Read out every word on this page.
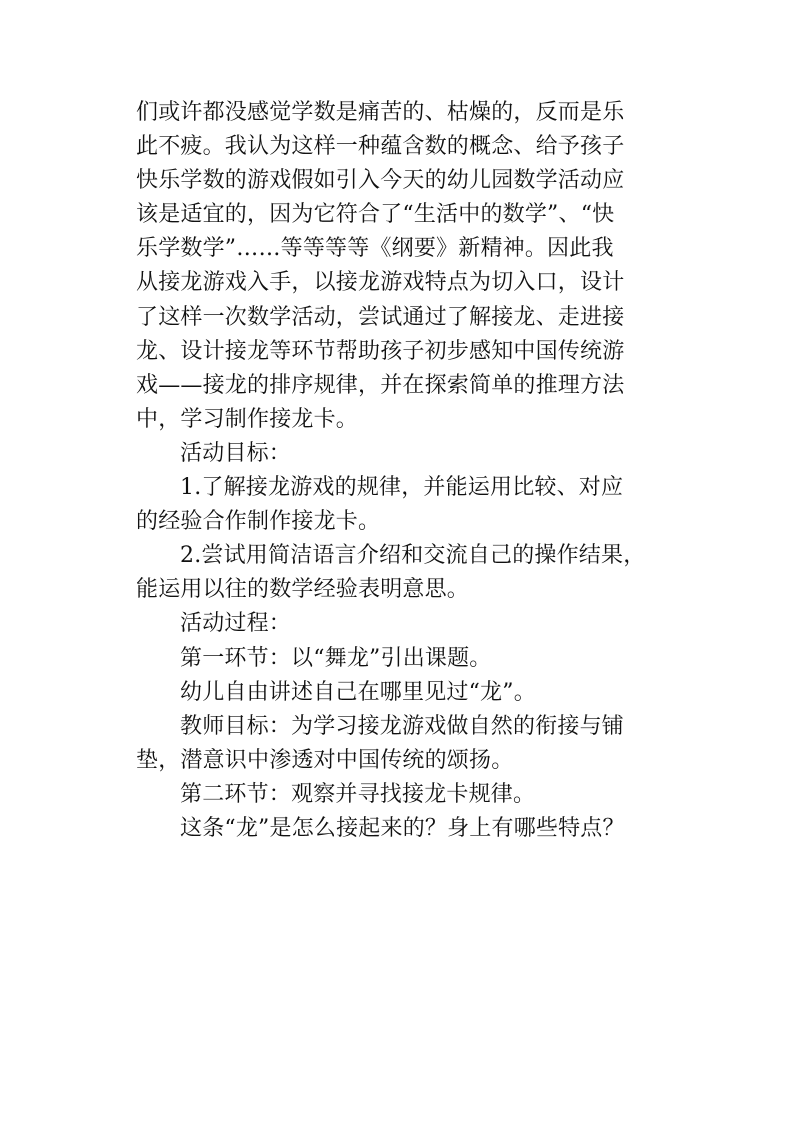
们或许都没感觉学数是痛苦的、枯燥的，反而是乐
此不疲。我认为这样一种蕴含数的概念、给予孩子
快乐学数的游戏假如引入今天的幼儿园数学活动应
该是适宜的，因为它符合了“生活中的数学”、“快
乐学数学”……等等等等《纲要》新精神。因此我
从接龙游戏入手，以接龙游戏特点为切入口，设计
了这样一次数学活动，尝试通过了解接龙、走进接
龙、设计接龙等环节帮助孩子初步感知中国传统游
戏——接龙的排序规律，并在探索简单的推理方法
中，学习制作接龙卡。
活动目标：
1.了解接龙游戏的规律，并能运用比较、对应
的经验合作制作接龙卡。
2.尝试用简洁语言介绍和交流自己的操作结果，
能运用以往的数学经验表明意思。
活动过程：
第一环节：以“舞龙”引出课题。
幼儿自由讲述自己在哪里见过“龙”。
教师目标：为学习接龙游戏做自然的衔接与铺
垫，潜意识中渗透对中国传统的颂扬。
第二环节：观察并寻找接龙卡规律。
这条“龙”是怎么接起来的？身上有哪些特点？
